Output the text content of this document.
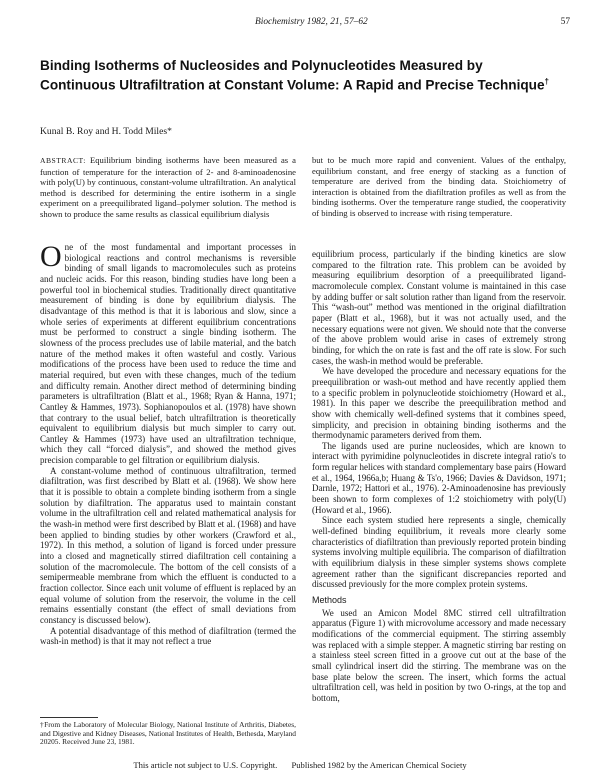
Biochemistry 1982, 21, 57–62	57
Binding Isotherms of Nucleosides and Polynucleotides Measured by Continuous Ultrafiltration at Constant Volume: A Rapid and Precise Technique†
Kunal B. Roy and H. Todd Miles*

ABSTRACT: Equilibrium binding isotherms have been measured as a function of temperature for the interaction of 2- and 8-aminoadenosine with poly(U) by continuous, constant-volume ultrafiltration. An analytical method is described for determining the entire isotherm in a single experiment on a preequilibrated ligand–polymer solution. The method is shown to produce the same results as classical equilibrium dialysis

but to be much more rapid and convenient. Values of the enthalpy, equilibrium constant, and free energy of stacking as a function of temperature are derived from the binding data. Stoichiometry of interaction is obtained from the diafiltration profiles as well as from the binding isotherms. Over the temperature range studied, the cooperativity of binding is observed to increase with rising temperature.

One of the most fundamental and important processes in biological reactions and control mechanisms is reversible binding of small ligands to macromolecules such as proteins and nucleic acids. For this reason, binding studies have long been a powerful tool in biochemical studies. Traditionally direct quantitative measurement of binding is done by equilibrium dialysis. The disadvantage of this method is that it is laborious and slow, since a whole series of experiments at different equilibrium concentrations must be performed to construct a single binding isotherm. The slowness of the process precludes use of labile material, and the batch nature of the method makes it often wasteful and costly. Various modifications of the process have been used to reduce the time and material required, but even with these changes, much of the tedium and difficulty remain. Another direct method of determining binding parameters is ultrafiltration (Blatt et al., 1968; Ryan & Hanna, 1971; Cantley & Hammes, 1973). Sophianopoulos et al. (1978) have shown that contrary to the usual belief, batch ultrafiltration is theoretically equivalent to equilibrium dialysis but much simpler to carry out. Cantley & Hammes (1973) have used an ultrafiltration technique, which they call “forced dialysis”, and showed the method gives precision comparable to gel filtration or equilibrium dialysis.

A constant-volume method of continuous ultrafiltration, termed diafiltration, was first described by Blatt et al. (1968). We show here that it is possible to obtain a complete binding isotherm from a single solution by diafiltration. The apparatus used to maintain constant volume in the ultrafiltration cell and related mathematical analysis for the wash-in method were first described by Blatt et al. (1968) and have been applied to binding studies by other workers (Crawford et al., 1972). In this method, a solution of ligand is forced under pressure into a closed and magnetically stirred diafiltration cell containing a solution of the macromolecule. The bottom of the cell consists of a semipermeable membrane from which the effluent is conducted to a fraction collector. Since each unit volume of effluent is replaced by an equal volume of solution from the reservoir, the volume in the cell remains essentially constant (the effect of small deviations from constancy is discussed below).

A potential disadvantage of this method of diafiltration (termed the wash-in method) is that it may not reflect a true

equilibrium process, particularly if the binding kinetics are slow compared to the filtration rate. This problem can be avoided by measuring equilibrium desorption of a preequilibrated ligand-macromolecule complex. Constant volume is maintained in this case by adding buffer or salt solution rather than ligand from the reservoir. This “wash-out” method was mentioned in the original diafiltration paper (Blatt et al., 1968), but it was not actually used, and the necessary equations were not given. We should note that the converse of the above problem would arise in cases of extremely strong binding, for which the on rate is fast and the off rate is slow. For such cases, the wash-in method would be preferable.

We have developed the procedure and necessary equations for the preequilibration or wash-out method and have recently applied them to a specific problem in polynucleotide stoichiometry (Howard et al., 1981). In this paper we describe the preequilibration method and show with chemically well-defined systems that it combines speed, simplicity, and precision in obtaining binding isotherms and the thermodynamic parameters derived from them.

The ligands used are purine nucleosides, which are known to interact with pyrimidine polynucleotides in discrete integral ratio's to form regular helices with standard complementary base pairs (Howard et al., 1964, 1966a,b; Huang & Ts'o, 1966; Davies & Davidson, 1971; Darnle, 1972; Hattori et al., 1976). 2-Aminoadenosine has previously been shown to form complexes of 1:2 stoichiometry with poly(U) (Howard et al., 1966).

Since each system studied here represents a single, chemically well-defined binding equilibrium, it reveals more clearly some characteristics of diafiltration than previously reported protein binding systems involving multiple equilibria. The comparison of diafiltration with equilibrium dialysis in these simpler systems shows complete agreement rather than the significant discrepancies reported and discussed previously for the more complex protein systems.

Methods

We used an Amicon Model 8MC stirred cell ultrafiltration apparatus (Figure 1) with microvolume accessory and made necessary modifications of the commercial equipment. The stirring assembly was replaced with a simple stepper. A magnetic stirring bar resting on a stainless steel screen fitted in a groove cut out at the base of the small cylindrical insert did the stirring. The membrane was on the base plate below the screen. The insert, which forms the actual ultrafiltration cell, was held in position by two O-rings, at the top and bottom,

†From the Laboratory of Molecular Biology, National Institute of Arthritis, Diabetes, and Digestive and Kidney Diseases, National Institutes of Health, Bethesda, Maryland 20205. Received June 23, 1981.

This article not subject to U.S. Copyright. Published 1982 by the American Chemical Society
